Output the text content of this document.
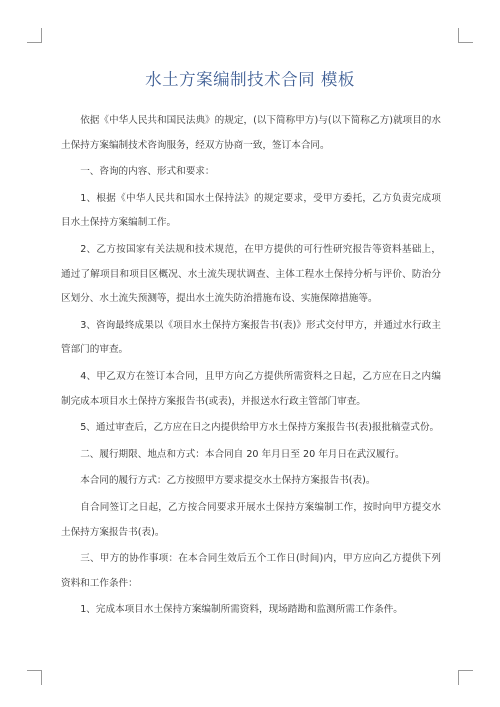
水土方案编制技术合同 模板

依据《中华人民共和国民法典》的规定，(以下简称甲方)与(以下简称乙方)就项目的水土保持方案编制技术咨询服务，经双方协商一致，签订本合同。

一、咨询的内容、形式和要求：

1、根据《中华人民共和国水土保持法》的规定要求，受甲方委托，乙方负责完成项目水土保持方案编制工作。

2、乙方按国家有关法规和技术规范，在甲方提供的可行性研究报告等资料基础上，通过了解项目和项目区概况、水土流失现状调查、主体工程水土保持分析与评价、防治分区划分、水土流失预测等，提出水土流失防治措施布设、实施保障措施等。

3、咨询最终成果以《项目水土保持方案报告书(表)》形式交付甲方，并通过水行政主管部门的审查。

4、甲乙双方在签订本合同，且甲方向乙方提供所需资料之日起，乙方应在日之内编制完成本项目水土保持方案报告书(或表)，并报送水行政主管部门审查。

5、通过审查后，乙方应在日之内提供给甲方水土保持方案报告书(表)报批稿壹式份。

二、履行期限、地点和方式：本合同自 20 年月日至 20 年月日在武汉履行。

本合同的履行方式：乙方按照甲方要求提交水土保持方案报告书(表)。

自合同签订之日起，乙方按合同要求开展水土保持方案编制工作，按时向甲方提交水土保持方案报告书(表)。

三、甲方的协作事项：在本合同生效后五个工作日(时间)内，甲方应向乙方提供下列资料和工作条件：

1、完成本项目水土保持方案编制所需资料，现场踏勘和监测所需工作条件。
